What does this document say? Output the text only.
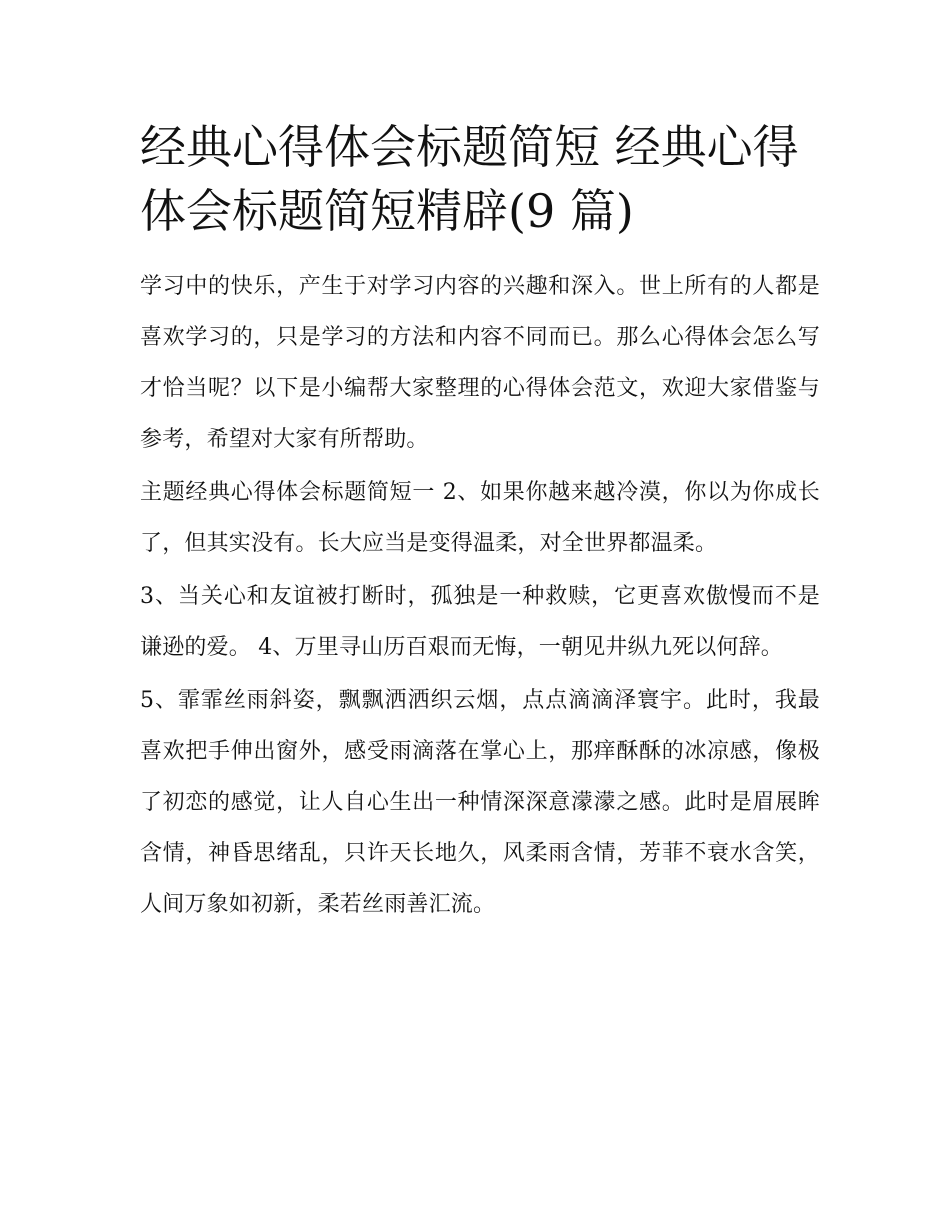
经典心得体会标题简短 经典心得体会标题简短精辟(9 篇)

学习中的快乐，产生于对学习内容的兴趣和深入。世上所有的人都是喜欢学习的，只是学习的方法和内容不同而已。那么心得体会怎么写才恰当呢？以下是小编帮大家整理的心得体会范文，欢迎大家借鉴与参考，希望对大家有所帮助。

主题经典心得体会标题简短一 2、如果你越来越冷漠，你以为你成长了，但其实没有。长大应当是变得温柔，对全世界都温柔。

3、当关心和友谊被打断时，孤独是一种救赎，它更喜欢傲慢而不是谦逊的爱。 4、万里寻山历百艰而无悔，一朝见井纵九死以何辞。

5、霏霏丝雨斜姿，飘飘洒洒织云烟，点点滴滴泽寰宇。此时，我最喜欢把手伸出窗外，感受雨滴落在掌心上，那痒酥酥的冰凉感，像极了初恋的感觉，让人自心生出一种情深深意濛濛之感。此时是眉展眸含情，神昏思绪乱，只许天长地久，风柔雨含情，芳菲不衰水含笑，人间万象如初新，柔若丝雨善汇流。
